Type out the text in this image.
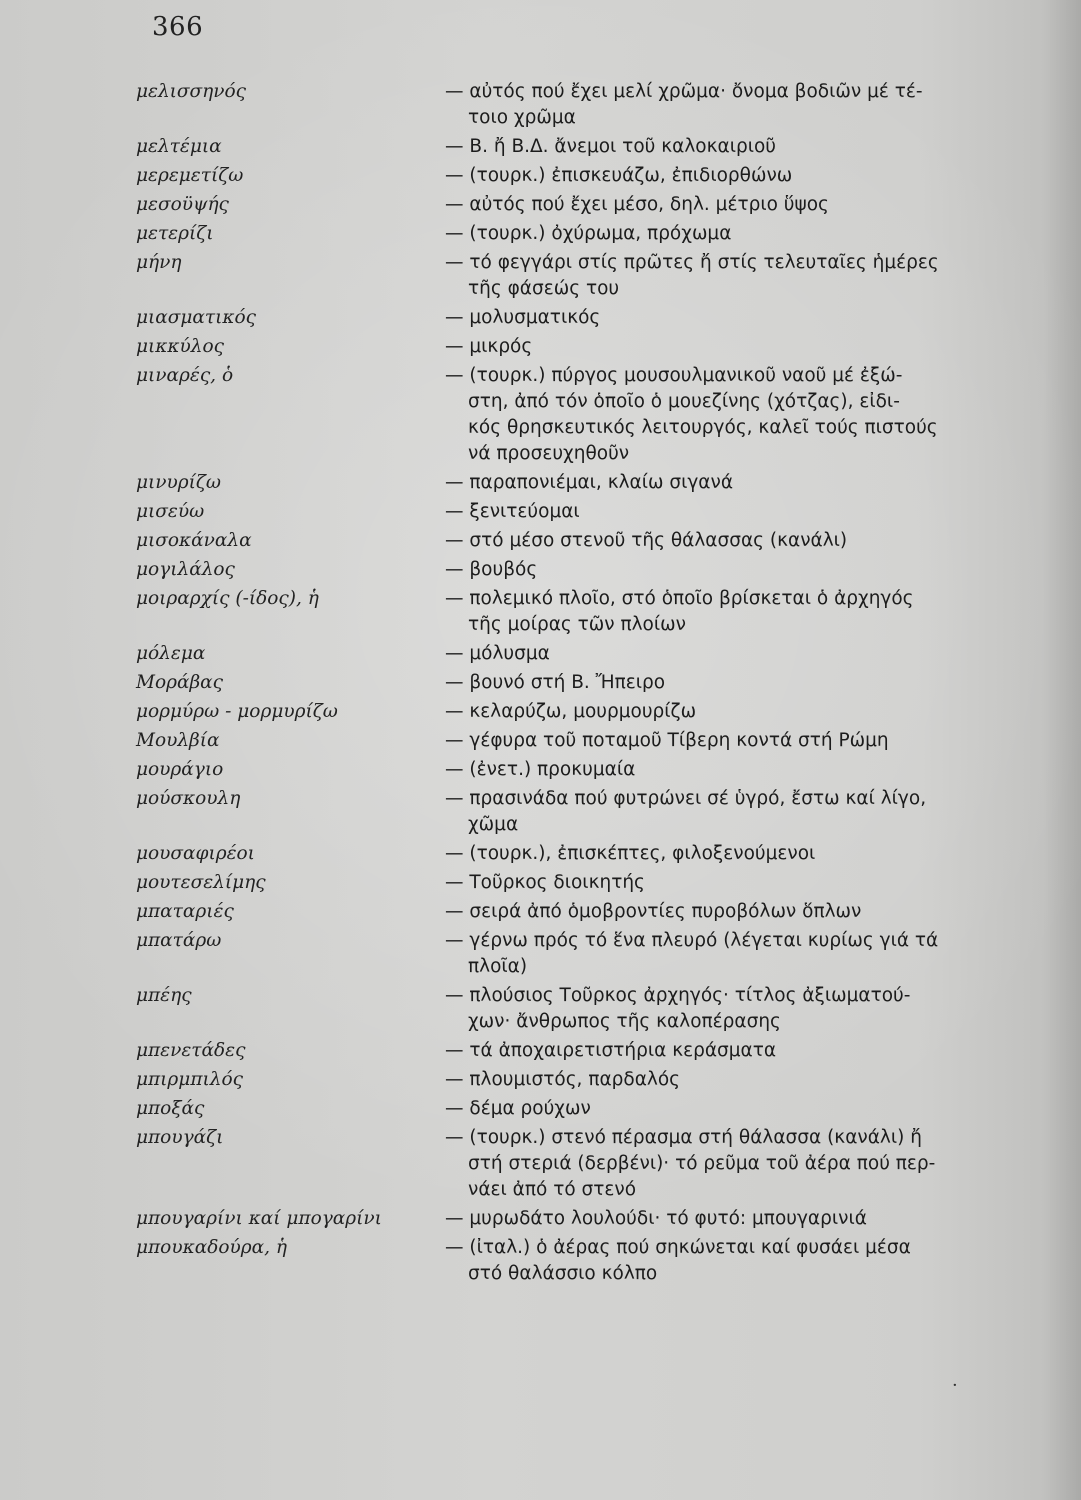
366
μελισσηνός	— αὐτός πού ἔχει μελί χρῶμα· ὄνομα βοδιῶν μέ τέ-
τοιο χρῶμα
μελτέμια	— Β. ἤ Β.Δ. ἄνεμοι τοῦ καλοκαιριοῦ
μερεμετίζω	— (τουρκ.) ἐπισκευάζω, ἐπιδιορθώνω
μεσοϋψής	— αὐτός πού ἔχει μέσο, δηλ. μέτριο ὕψος
μετερίζι	— (τουρκ.) ὀχύρωμα, πρόχωμα
μήνη	— τό φεγγάρι στίς πρῶτες ἤ στίς τελευταῖες ἡμέρες
τῆς φάσεώς του
μιασματικός	— μολυσματικός
μικκύλος	— μικρός
μιναρές, ὁ	— (τουρκ.) πύργος μουσουλμανικοῦ ναοῦ μέ ἐξώ-
στη, ἀπό τόν ὁποῖο ὁ μουεζίνης (χότζας), εἰδι-
κός θρησκευτικός λειτουργός, καλεῖ τούς πιστούς
νά προσευχηθοῦν
μινυρίζω	— παραπονιέμαι, κλαίω σιγανά
μισεύω	— ξενιτεύομαι
μισοκάναλα	— στό μέσο στενοῦ τῆς θάλασσας (κανάλι)
μογιλάλος	— βουβός
μοιραρχίς (-ίδος), ἡ	— πολεμικό πλοῖο, στό ὁποῖο βρίσκεται ὁ ἀρχηγός
τῆς μοίρας τῶν πλοίων
μόλεμα	— μόλυσμα
Μοράβας	— βουνό στή Β. Ἤπειρο
μορμύρω - μορμυρίζω	— κελαρύζω, μουρμουρίζω
Μουλβία	— γέφυρα τοῦ ποταμοῦ Τίβερη κοντά στή Ρώμη
μουράγιο	— (ἐνετ.) προκυμαία
μούσκουλη	— πρασινάδα πού φυτρώνει σέ ὑγρό, ἔστω καί λίγο,
χῶμα
μουσαφιρέοι	— (τουρκ.), ἐπισκέπτες, φιλοξενούμενοι
μουτεσελίμης	— Τοῦρκος διοικητής
μπαταριές	— σειρά ἀπό ὁμοβροντίες πυροβόλων ὅπλων
μπατάρω	— γέρνω πρός τό ἕνα πλευρό (λέγεται κυρίως γιά τά
πλοῖα)
μπέης	— πλούσιος Τοῦρκος ἀρχηγός· τίτλος ἀξιωματού-
χων· ἄνθρωπος τῆς καλοπέρασης
μπενετάδες	— τά ἀποχαιρετιστήρια κεράσματα
μπιρμπιλός	— πλουμιστός, παρδαλός
μποξάς	— δέμα ρούχων
μπουγάζι	— (τουρκ.) στενό πέρασμα στή θάλασσα (κανάλι) ἤ
στή στεριά (δερβένι)· τό ρεῦμα τοῦ ἀέρα πού περ-
νάει ἀπό τό στενό
μπουγαρίνι καί μπογαρίνι	— μυρωδάτο λουλούδι· τό φυτό: μπουγαρινιά
μπουκαδούρα, ἡ	— (ἰταλ.) ὁ ἀέρας πού σηκώνεται καί φυσάει μέσα
στό θαλάσσιο κόλπο
·
